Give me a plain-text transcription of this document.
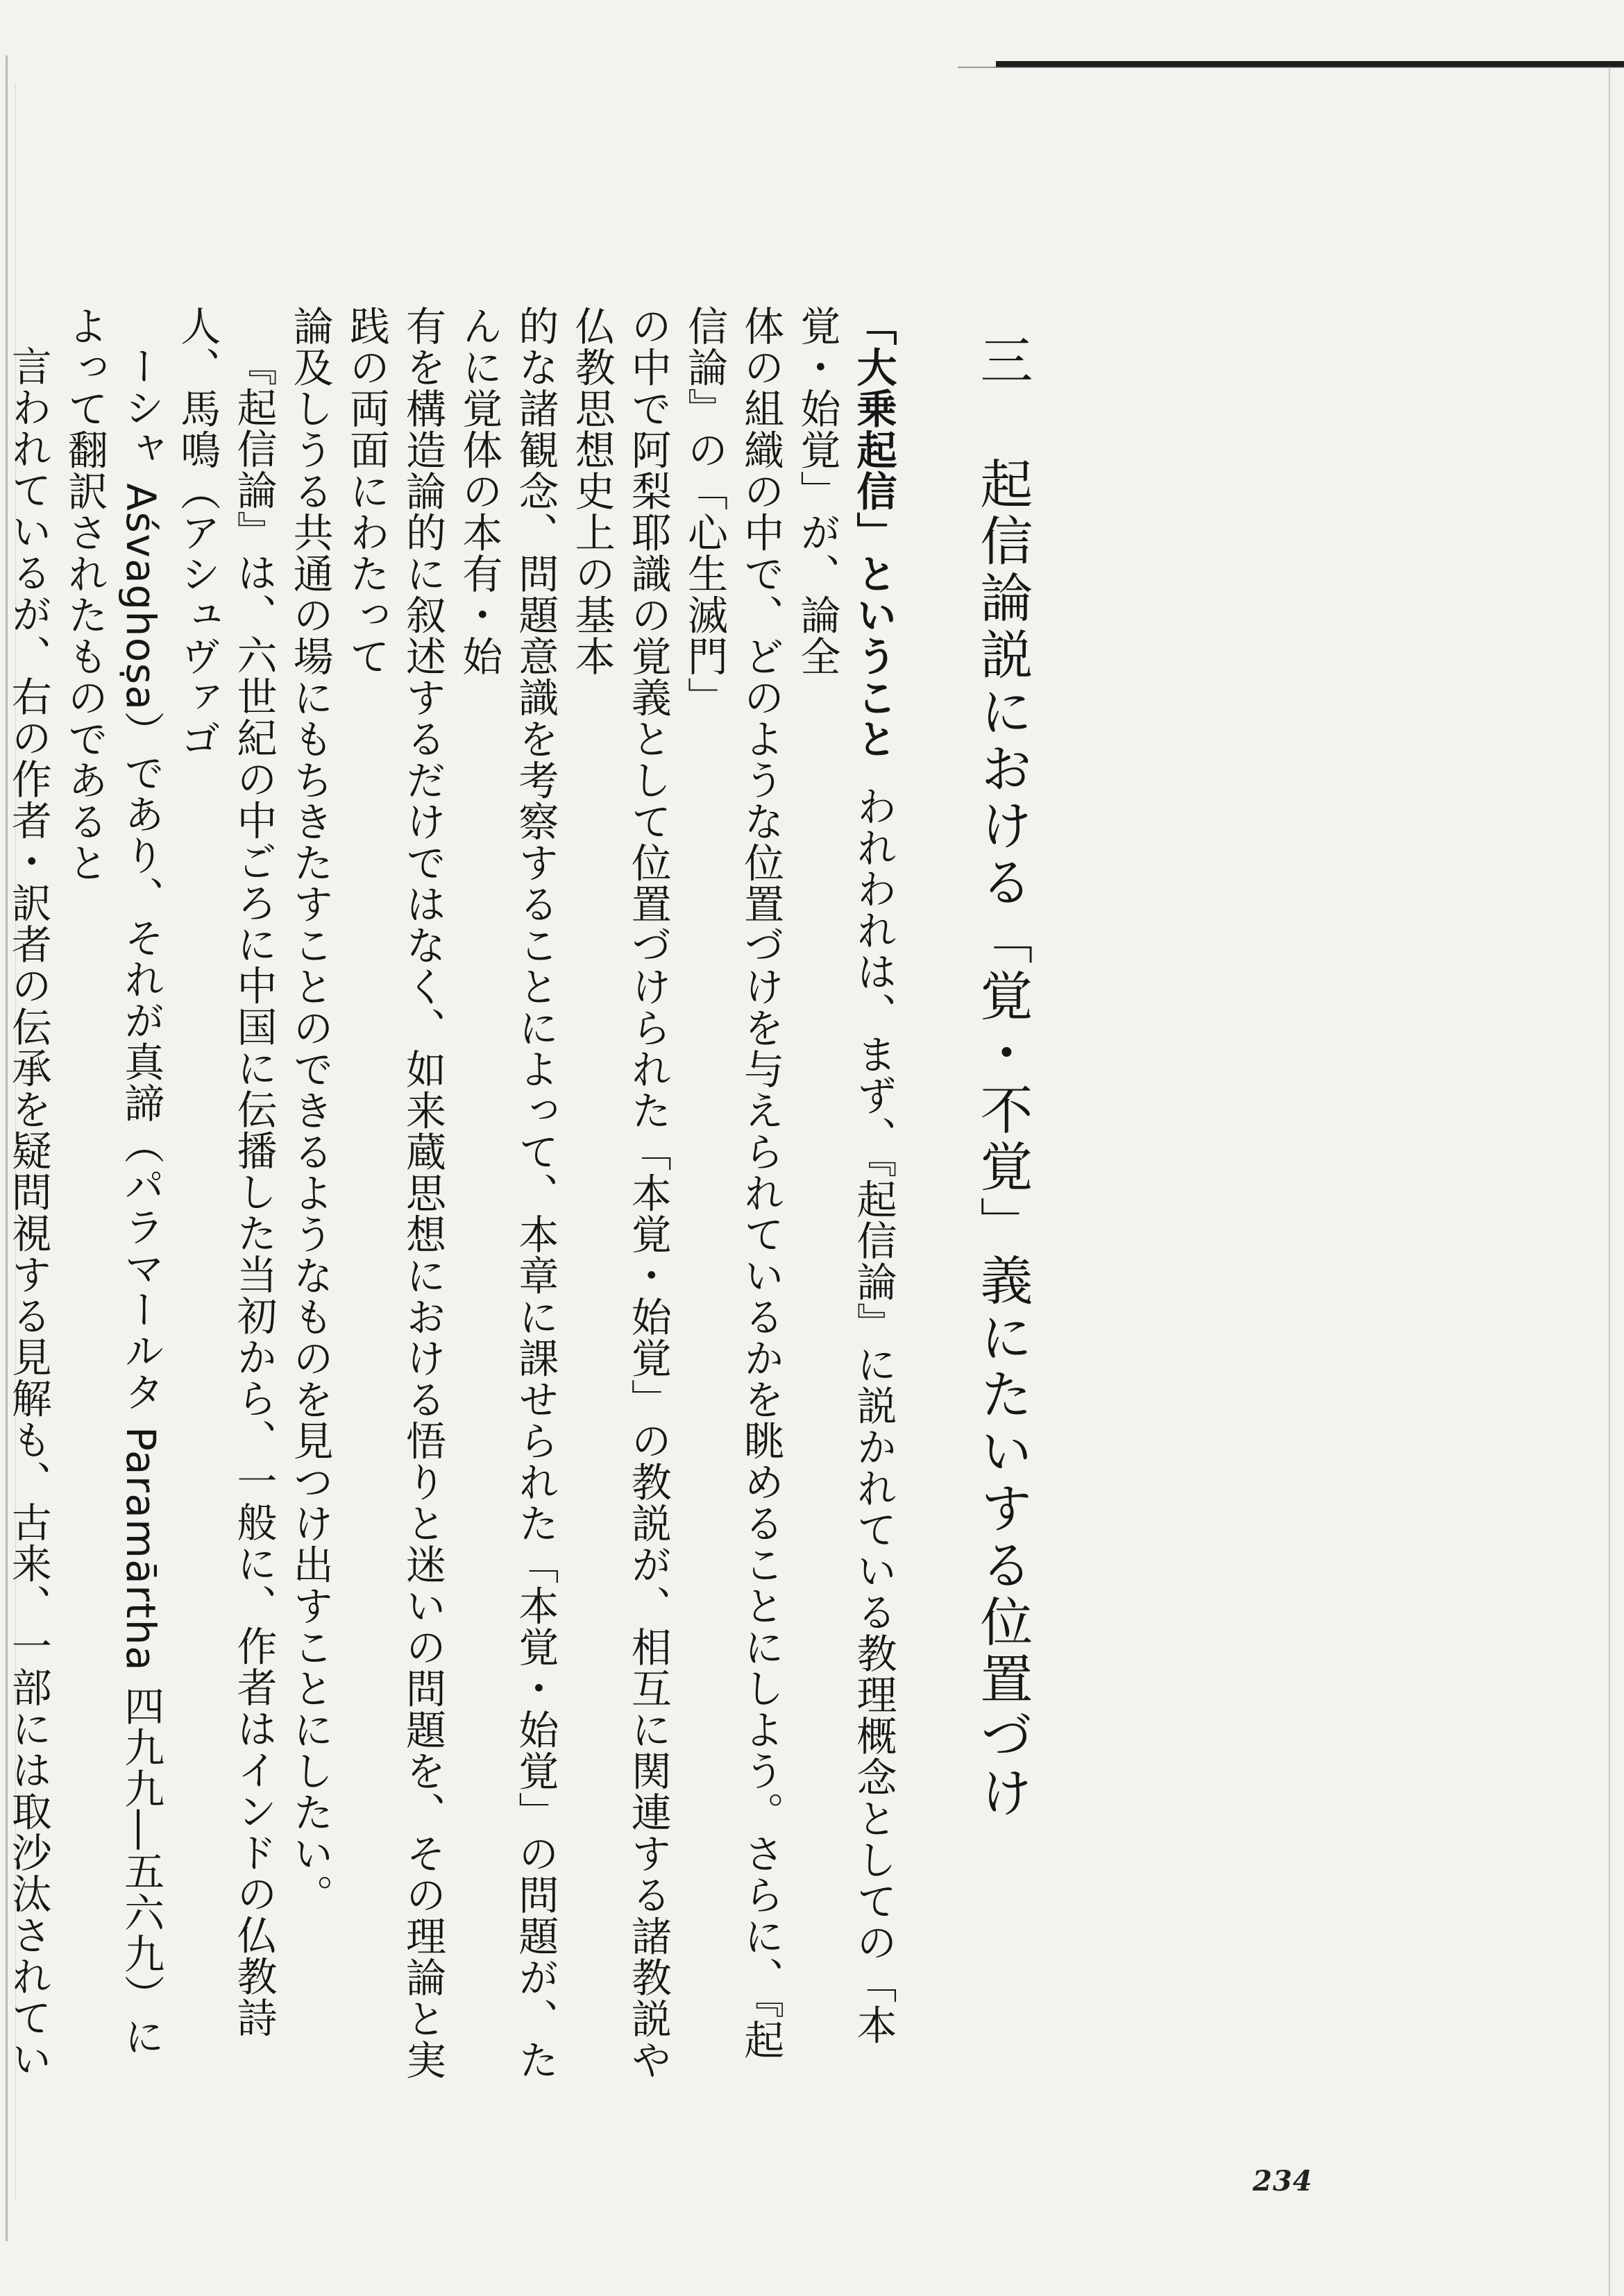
三起信論説における「覚・不覚」義にたいする位置づけ

「大乗起信」ということわれわれは、まず、『起信論』に説かれている教理概念としての「本覚・始覚」が、論全
体の組織の中で、どのような位置づけを与えられているかを眺めることにしよう。さらに、『起信論』の「心生滅門」
の中で阿梨耶識の覚義として位置づけられた「本覚・始覚」の教説が、相互に関連する諸教説や仏教思想史上の基本
的な諸観念、問題意識を考察することによって、本章に課せられた「本覚・始覚」の問題が、たんに覚体の本有・始
有を構造論的に叙述するだけではなく、如来蔵思想における悟りと迷いの問題を、その理論と実践の両面にわたって
論及しうる共通の場にもちきたすことのできるようなものを見つけ出すことにしたい。

『起信論』は、六世紀の中ごろに中国に伝播した当初から、一般に、作者はインドの仏教詩人、馬鳴（アシュヴァゴ
ーシャ Aśvaghoṣa）であり、それが真諦（パラマールタ Paramārtha 四九九―五六九）によって翻訳されたものであると
言われているが、右の作者・訳者の伝承を疑問視する見解も、古来、一部には取沙汰されてい

234
